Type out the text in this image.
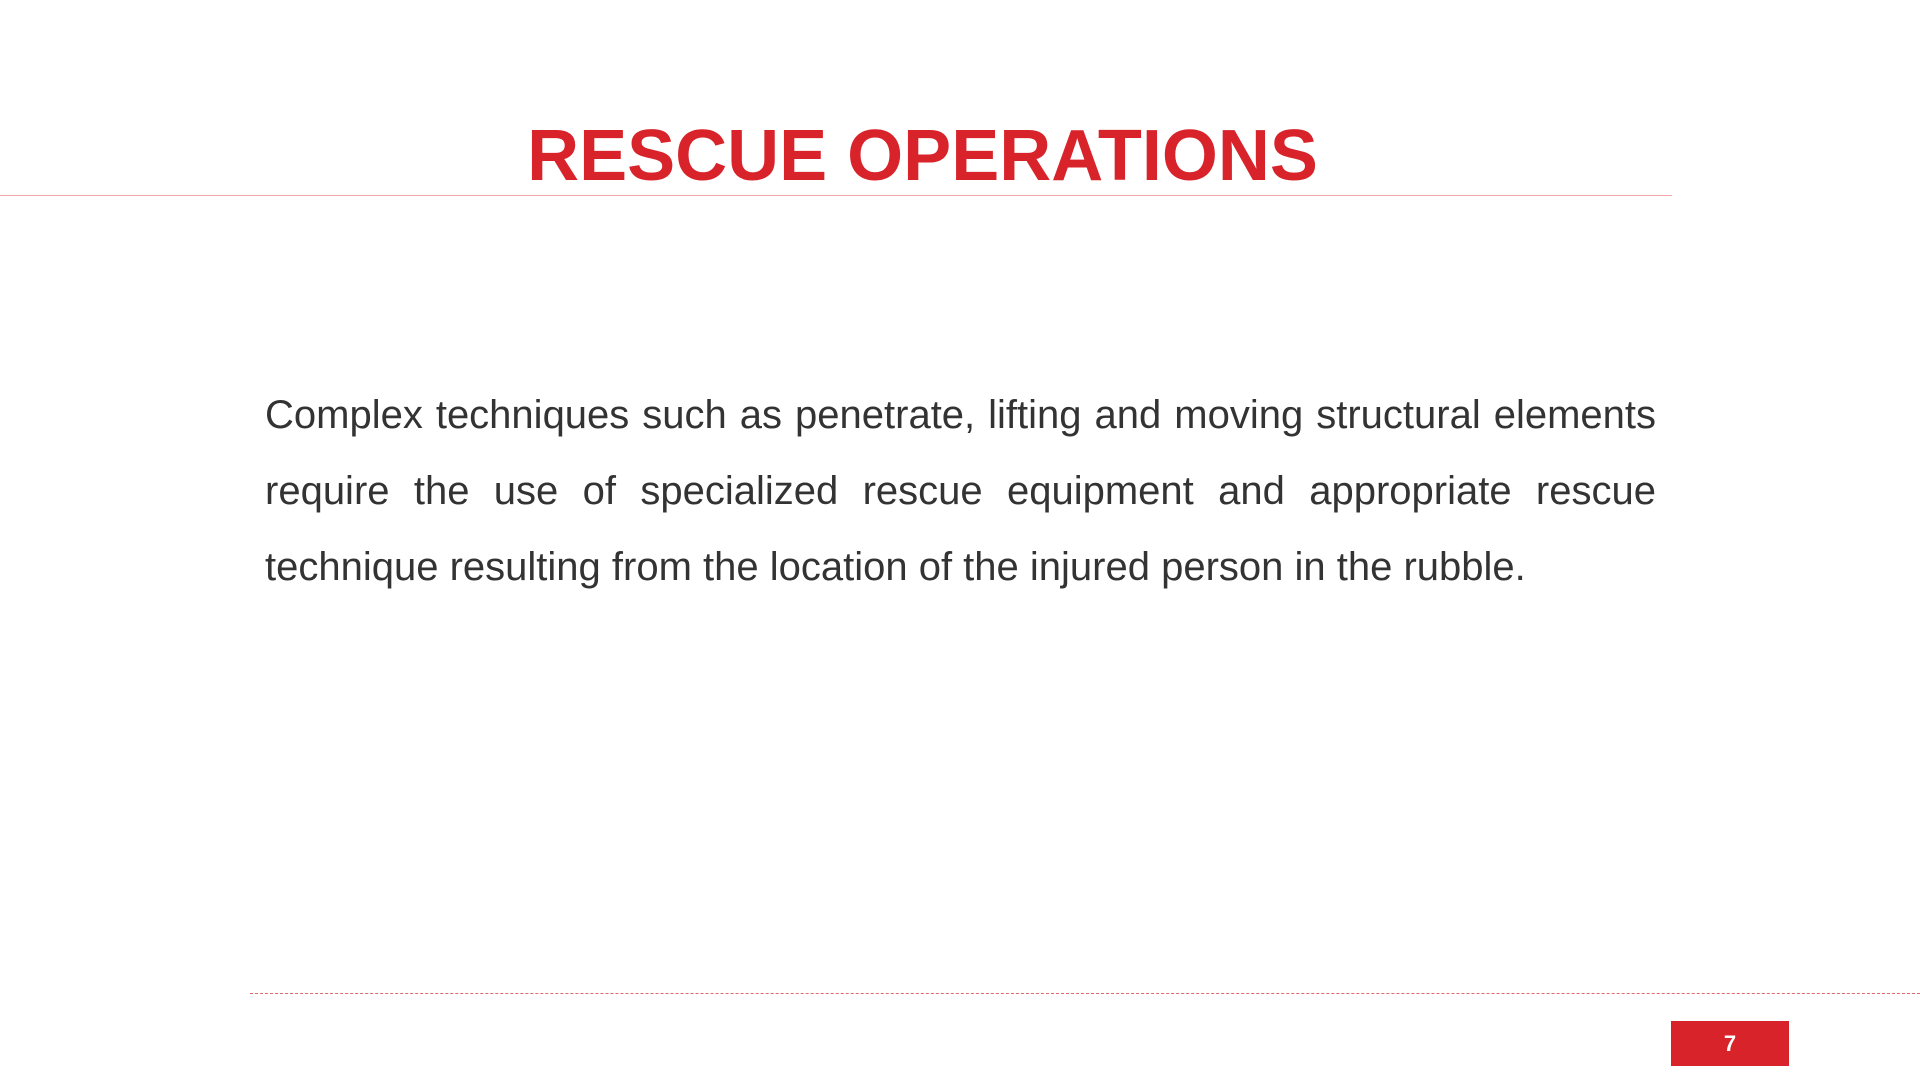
RESCUE OPERATIONS

Complex techniques such as penetrate, lifting and moving structural elements require the use of specialized rescue equipment and appropriate rescue technique resulting from the location of the injured person in the rubble.

7
